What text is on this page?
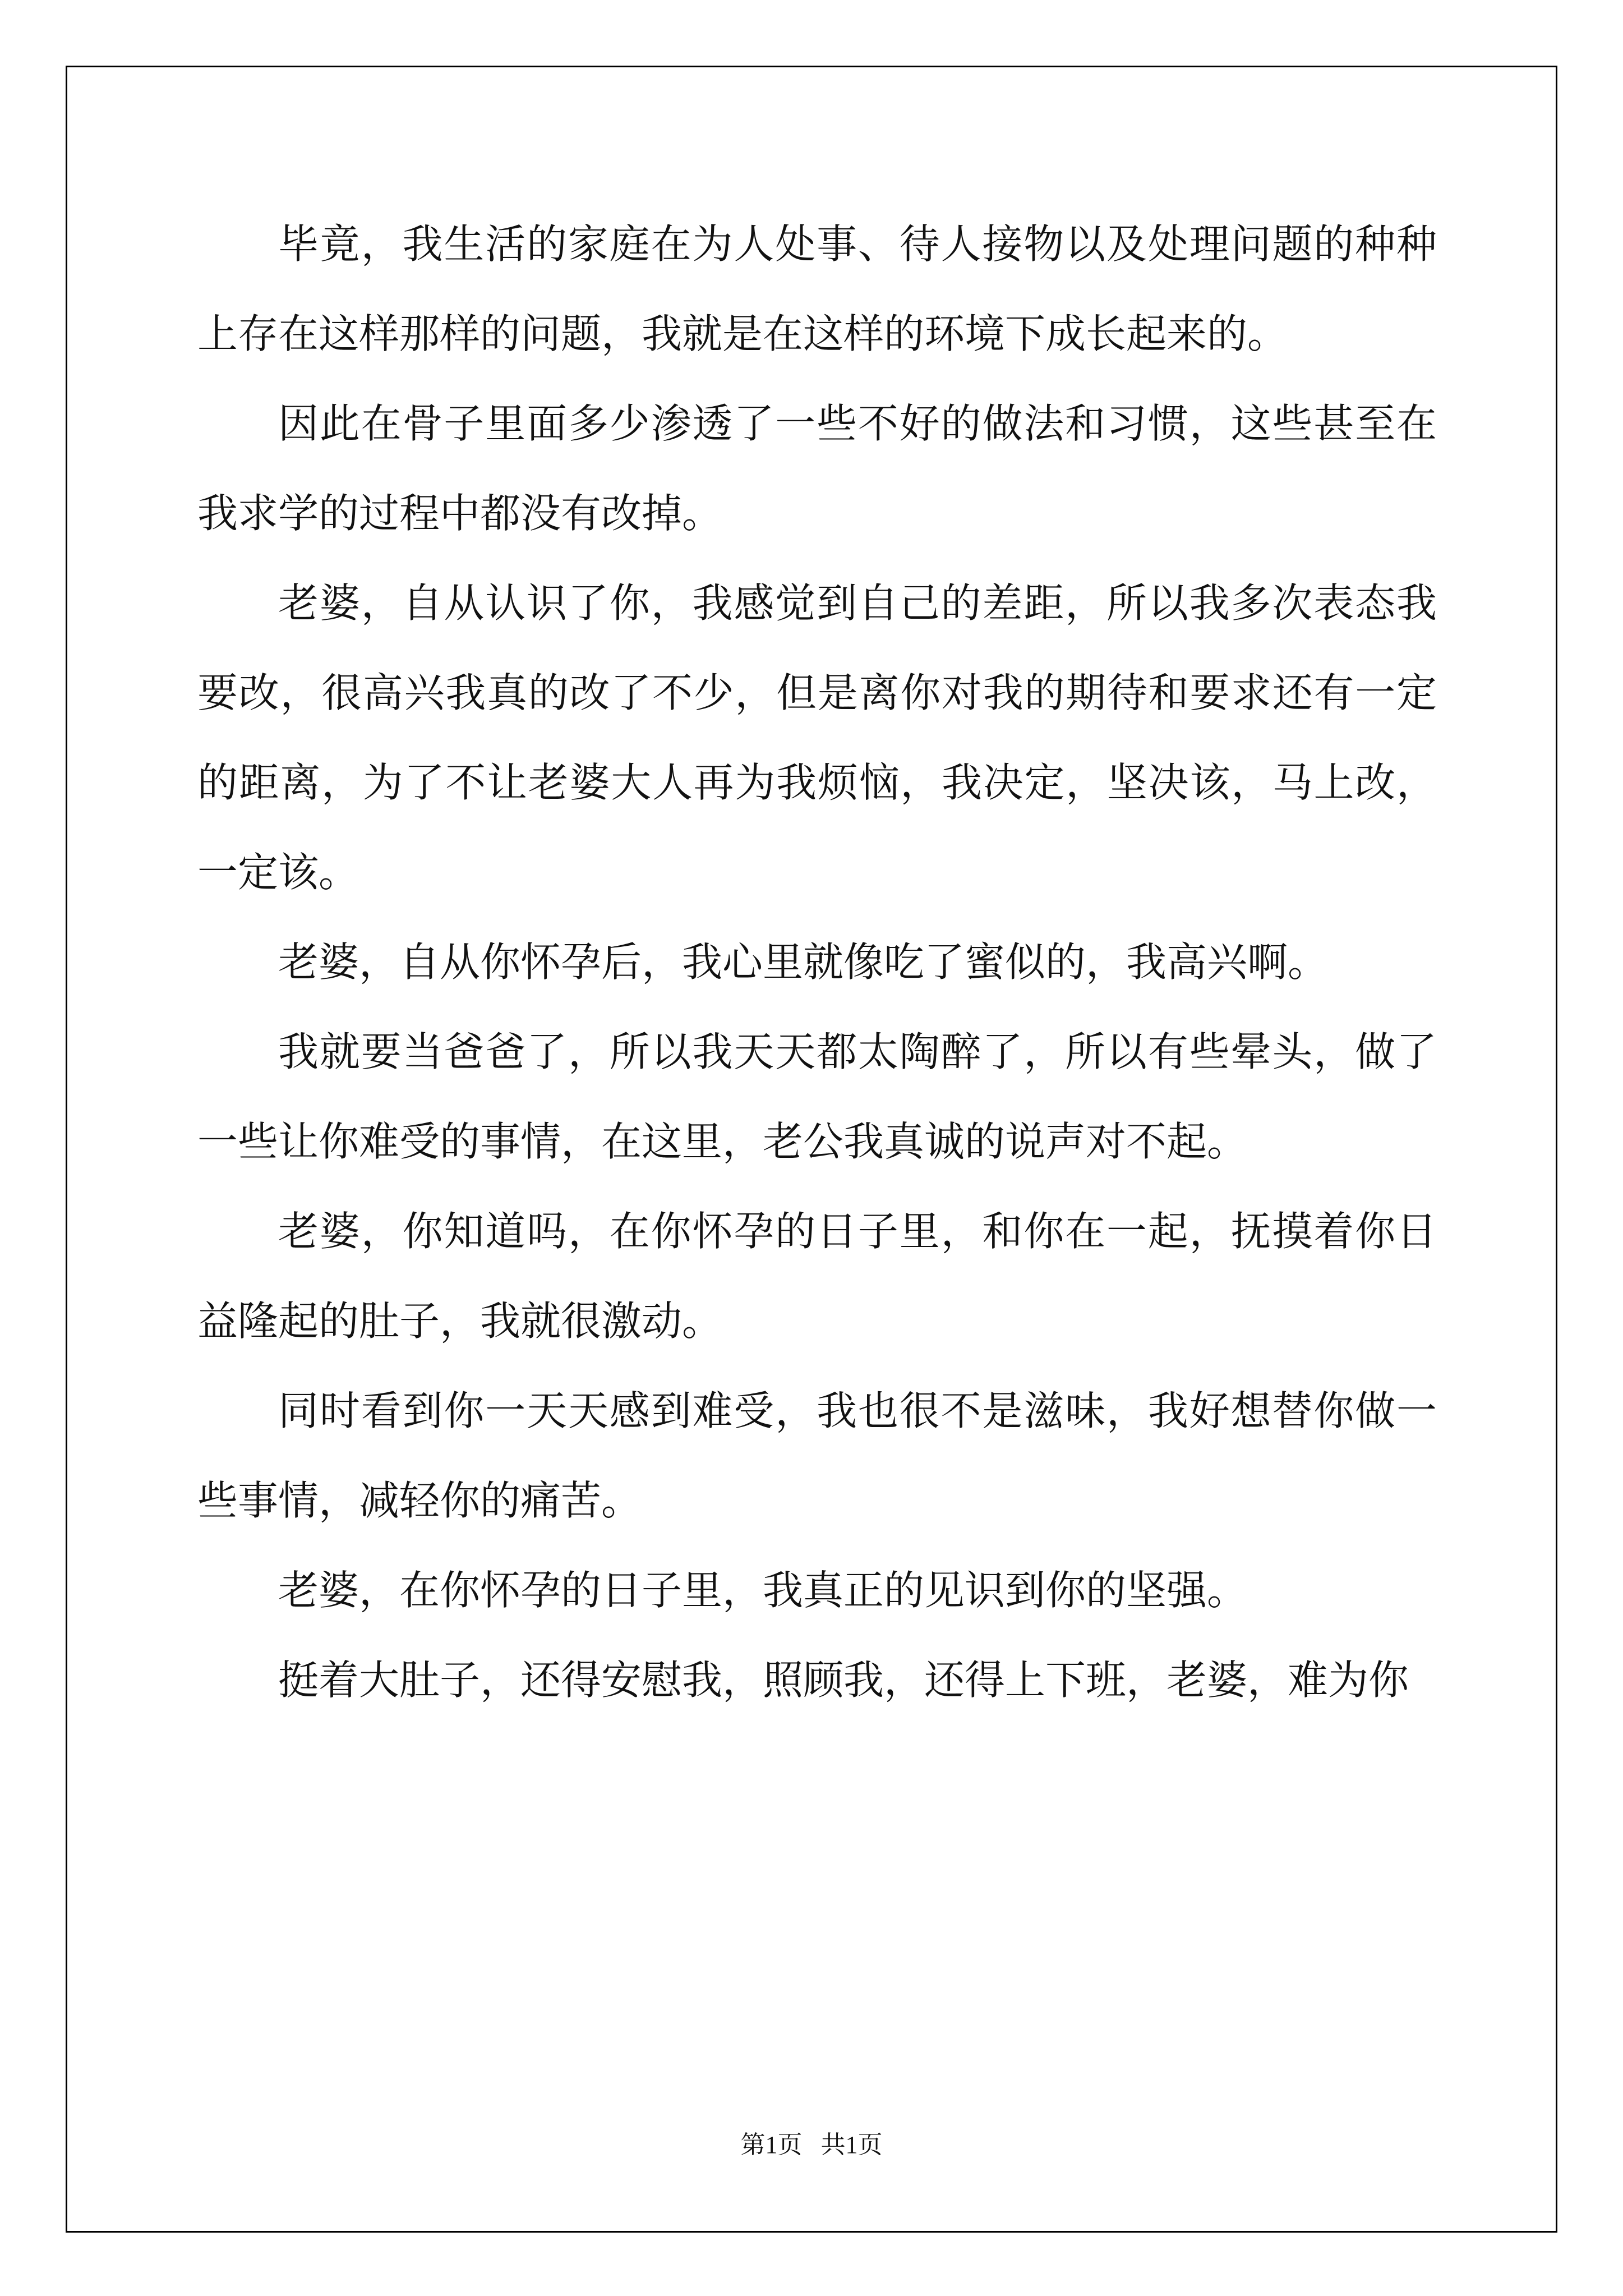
毕竟，我生活的家庭在为人处事、待人接物以及处理问题的种种上存在这样那样的问题，我就是在这样的环境下成长起来的。

因此在骨子里面多少渗透了一些不好的做法和习惯，这些甚至在我求学的过程中都没有改掉。

老婆，自从认识了你，我感觉到自己的差距，所以我多次表态我要改，很高兴我真的改了不少，但是离你对我的期待和要求还有一定的距离，为了不让老婆大人再为我烦恼，我决定，坚决该，马上改，一定该。

老婆，自从你怀孕后，我心里就像吃了蜜似的，我高兴啊。

我就要当爸爸了，所以我天天都太陶醉了，所以有些晕头，做了一些让你难受的事情，在这里，老公我真诚的说声对不起。

老婆，你知道吗，在你怀孕的日子里，和你在一起，抚摸着你日益隆起的肚子，我就很激动。

同时看到你一天天感到难受，我也很不是滋味，我好想替你做一些事情，减轻你的痛苦。

老婆，在你怀孕的日子里，我真正的见识到你的坚强。

挺着大肚子，还得安慰我，照顾我，还得上下班，老婆，难为你

第1页 共1页
